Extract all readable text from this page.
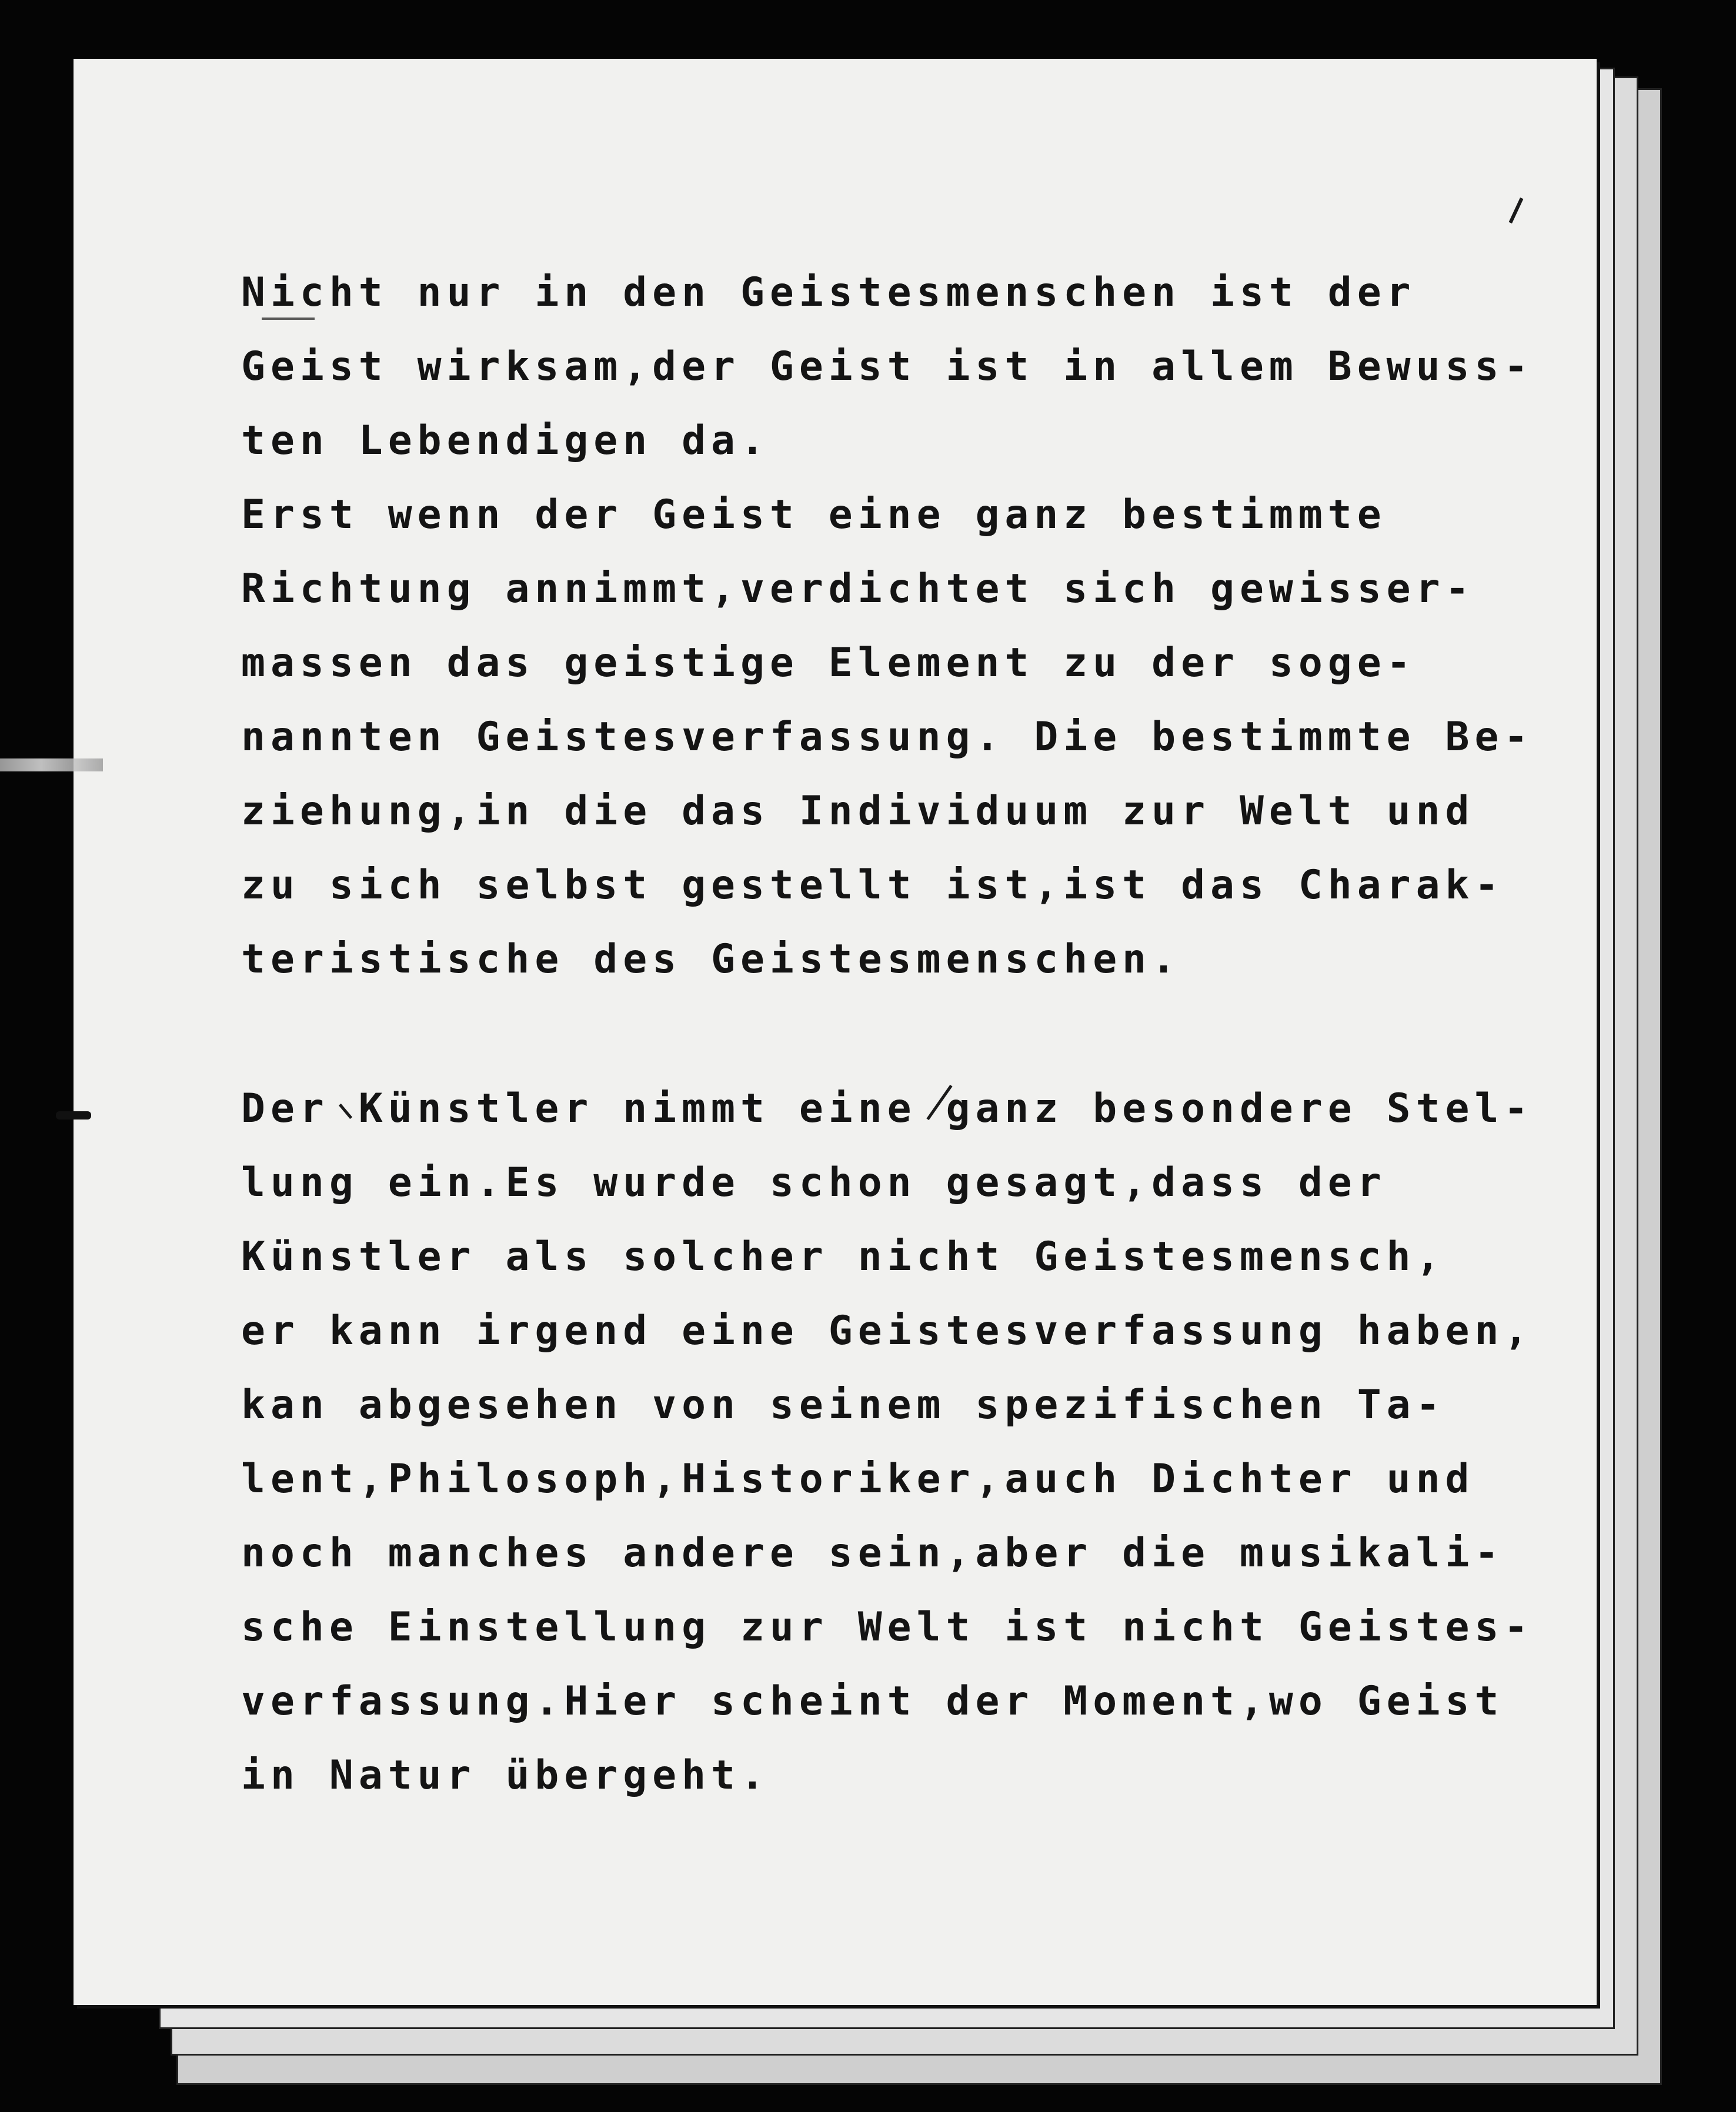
Nicht nur in den Geistesmenschen ist der
Geist wirksam,der Geist ist in allem Bewuss-
ten Lebendigen da.
Erst wenn der Geist eine ganz bestimmte
Richtung annimmt,verdichtet sich gewisser-
massen das geistige Element zu der soge-
nannten Geistesverfassung. Die bestimmte Be-
ziehung,in die das Individuum zur Welt und
zu sich selbst gestellt ist,ist das Charak-
teristische des Geistesmenschen.

Der Künstler nimmt eine ganz besondere Stel-
lung ein.Es wurde schon gesagt,dass der
Künstler als solcher nicht Geistesmensch,
er kann irgend eine Geistesverfassung haben,
kan abgesehen von seinem spezifischen Ta-
lent,Philosoph,Historiker,auch Dichter und
noch manches andere sein,aber die musikali-
sche Einstellung zur Welt ist nicht Geistes-
verfassung.Hier scheint der Moment,wo Geist
in Natur übergeht.
